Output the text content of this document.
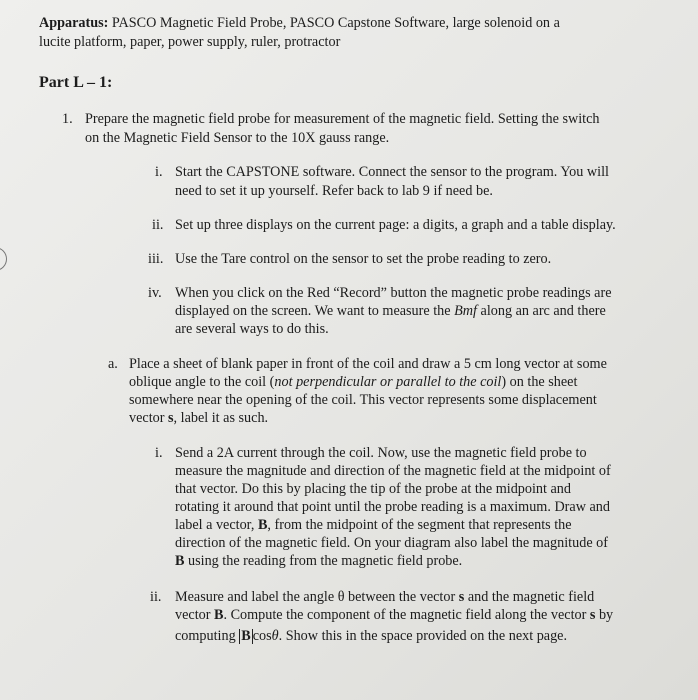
Apparatus: PASCO Magnetic Field Probe, PASCO Capstone Software, large solenoid on a
lucite platform, paper, power supply, ruler, protractor
Part L – 1:
1. Prepare the magnetic field probe for measurement of the magnetic field. Setting the switch
on the Magnetic Field Sensor to the 10X gauss range.
i. Start the CAPSTONE software. Connect the sensor to the program. You will
need to set it up yourself. Refer back to lab 9 if need be.
ii. Set up three displays on the current page: a digits, a graph and a table display.
iii. Use the Tare control on the sensor to set the probe reading to zero.
iv. When you click on the Red “Record” button the magnetic probe readings are
displayed on the screen. We want to measure the Bmf along an arc and there
are several ways to do this.
a. Place a sheet of blank paper in front of the coil and draw a 5 cm long vector at some
oblique angle to the coil (not perpendicular or parallel to the coil) on the sheet
somewhere near the opening of the coil. This vector represents some displacement
vector s, label it as such.
i. Send a 2A current through the coil. Now, use the magnetic field probe to
measure the magnitude and direction of the magnetic field at the midpoint of
that vector. Do this by placing the tip of the probe at the midpoint and
rotating it around that point until the probe reading is a maximum. Draw and
label a vector, B, from the midpoint of the segment that represents the
direction of the magnetic field. On your diagram also label the magnitude of
B using the reading from the magnetic field probe.
ii. Measure and label the angle θ between the vector s and the magnetic field
vector B. Compute the component of the magnetic field along the vector s by
computing B cosθ. Show this in the space provided on the next page.
